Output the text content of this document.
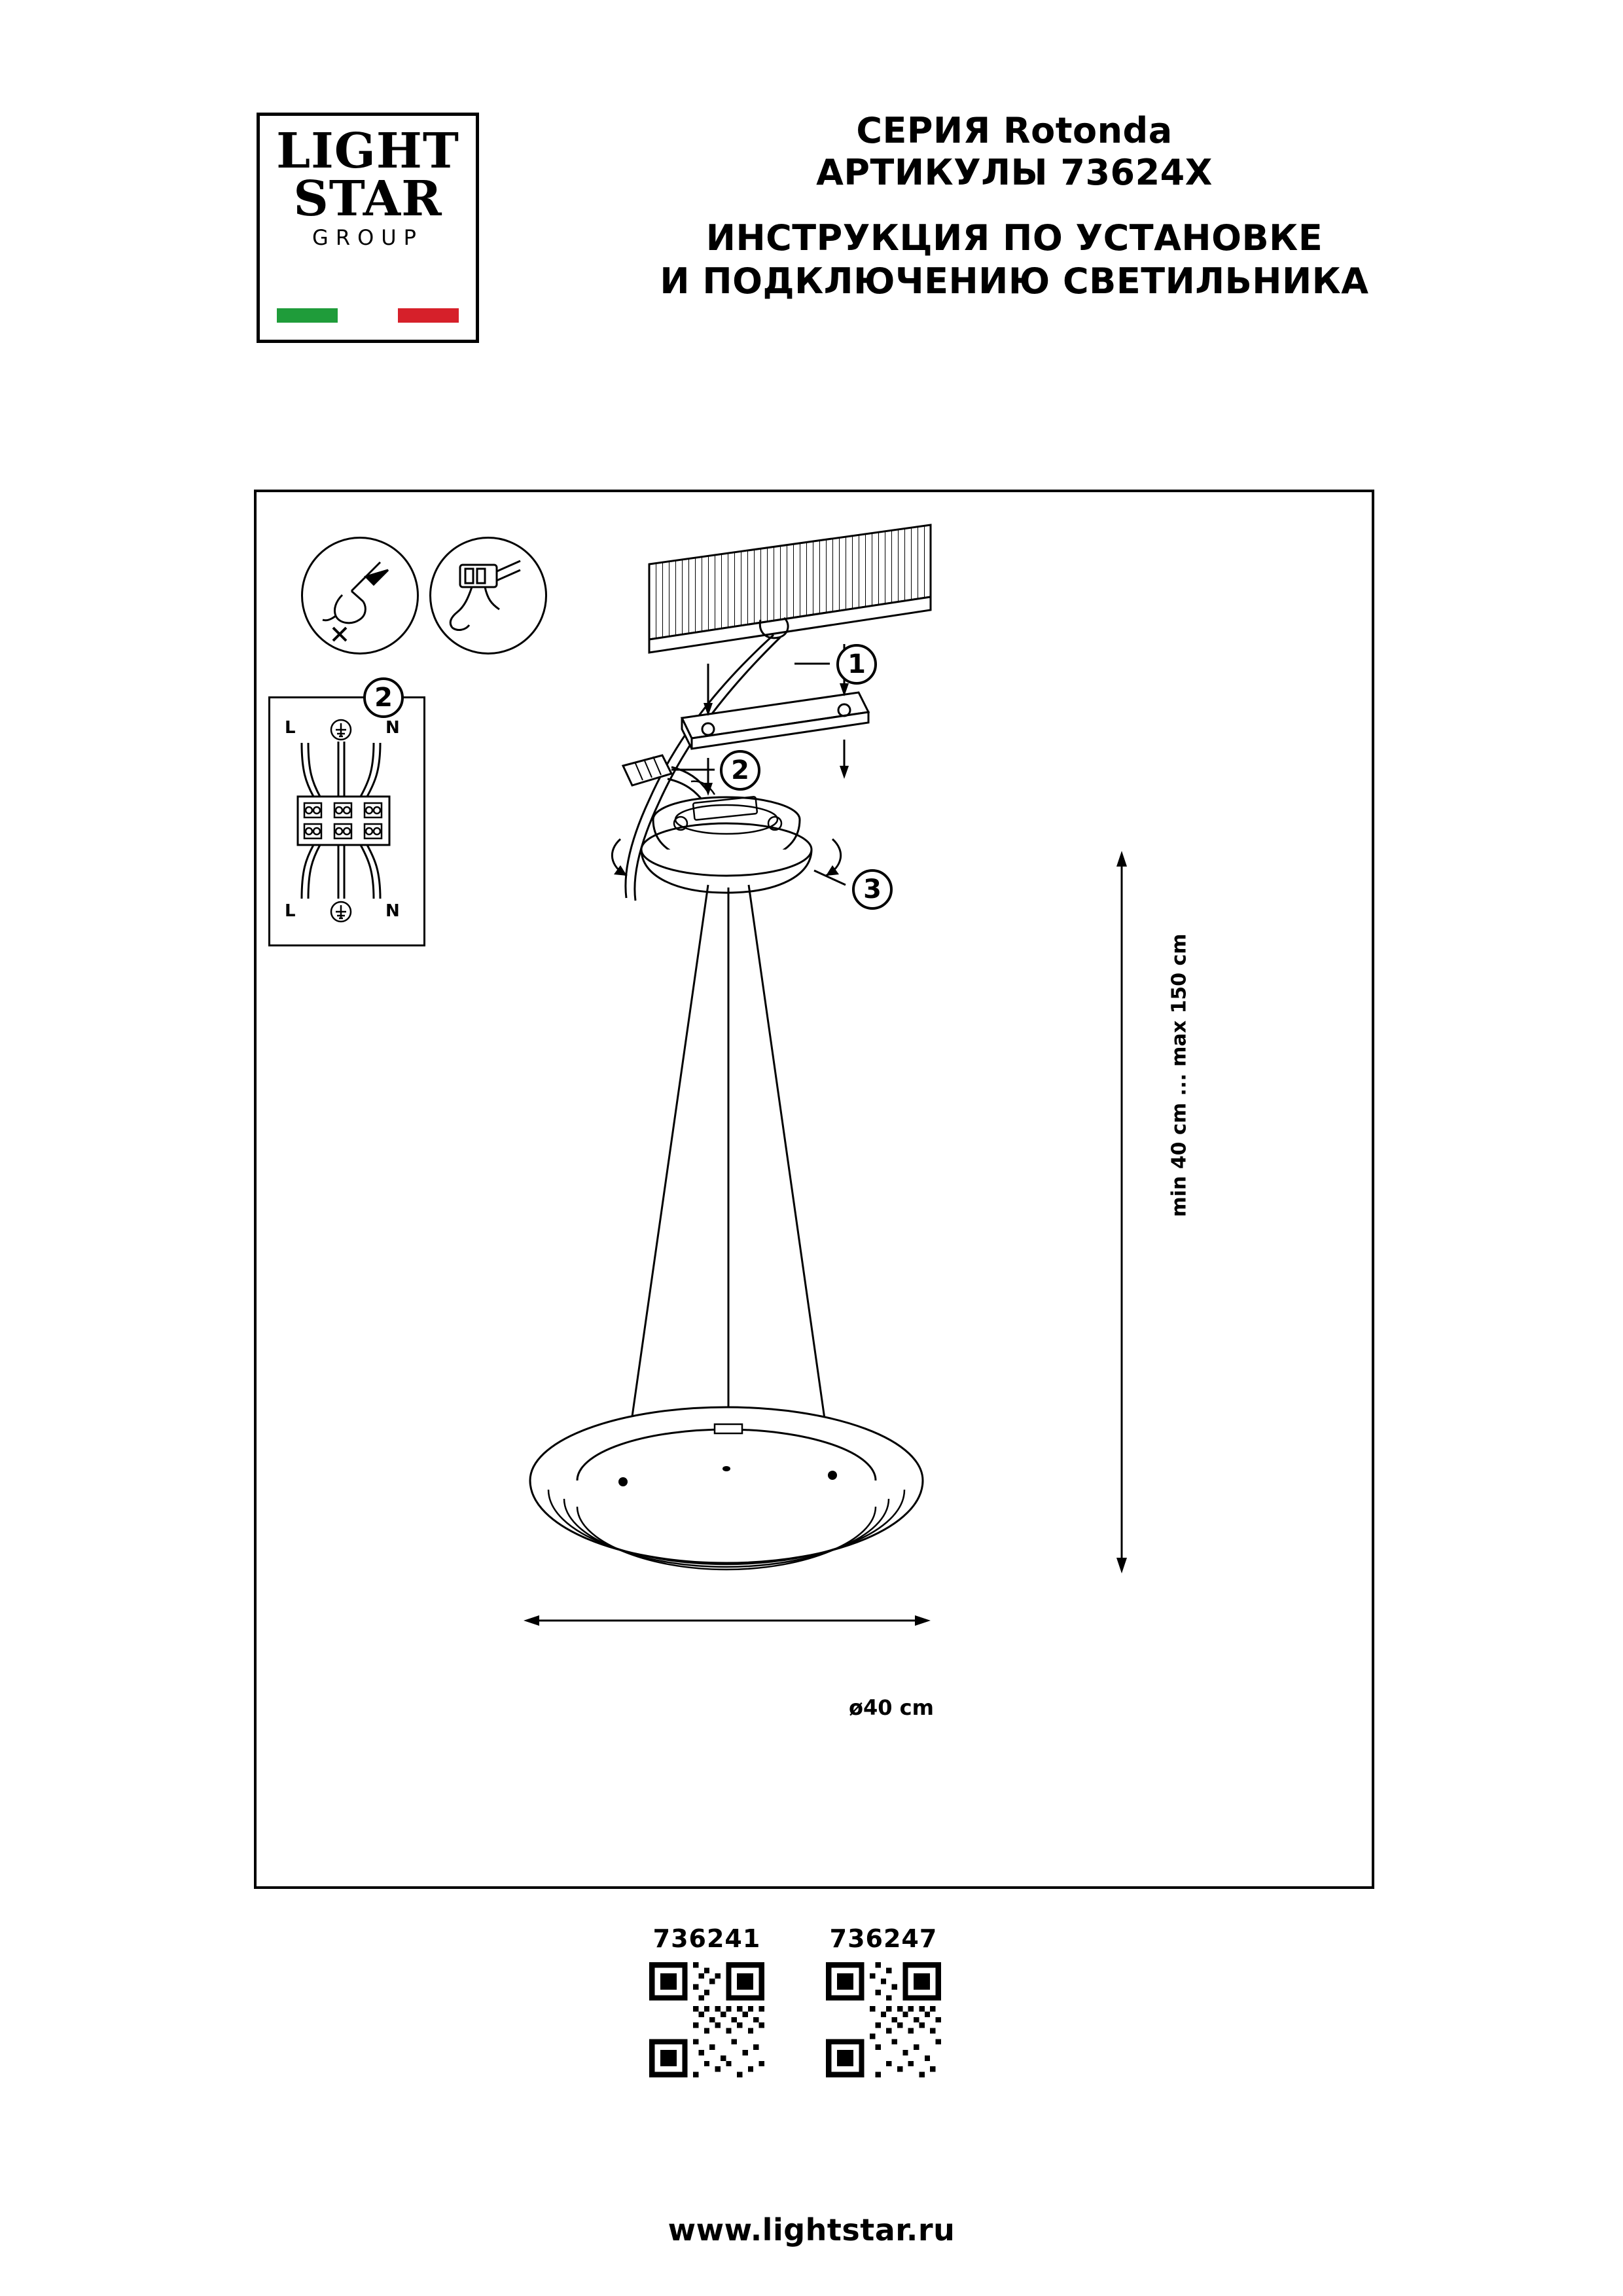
LIGHT
STAR
GROUP
СЕРИЯ Rotonda
АРТИКУЛЫ 73624X
ИНСТРУКЦИЯ ПО УСТАНОВКЕ
И ПОДКЛЮЧЕНИЮ СВЕТИЛЬНИКА
2
L	N
L	N
1
2
3
min 40 cm ... max 150 cm
ø40 cm
736241	736247
www.lightstar.ru
